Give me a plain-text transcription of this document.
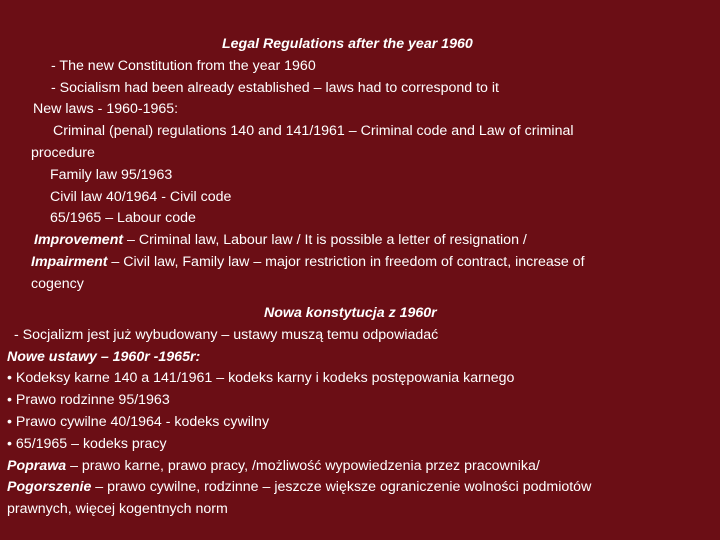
Legal Regulations after the year 1960
- The new Constitution from the year 1960
- Socialism had been already established – laws had to correspond to it
New laws - 1960-1965:
Criminal (penal) regulations 140 and 141/1961 – Criminal code and Law of criminal
procedure
Family law 95/1963
Civil law 40/1964 - Civil code
65/1965 – Labour code
Improvement – Criminal law, Labour law / It is possible a letter of resignation /
Impairment – Civil law, Family law – major restriction in freedom of contract, increase of
cogency
Nowa konstytucja z 1960r
- Socjalizm jest już wybudowany – ustawy muszą temu odpowiadać
Nowe ustawy – 1960r -1965r:
• Kodeksy karne 140 a 141/1961 – kodeks karny i kodeks postępowania karnego
• Prawo rodzinne 95/1963
• Prawo cywilne 40/1964 - kodeks cywilny
• 65/1965 – kodeks pracy
Poprawa – prawo karne, prawo pracy, /możliwość wypowiedzenia przez pracownika/
Pogorszenie – prawo cywilne, rodzinne – jeszcze większe ograniczenie wolności podmiotów
prawnych, więcej kogentnych norm
